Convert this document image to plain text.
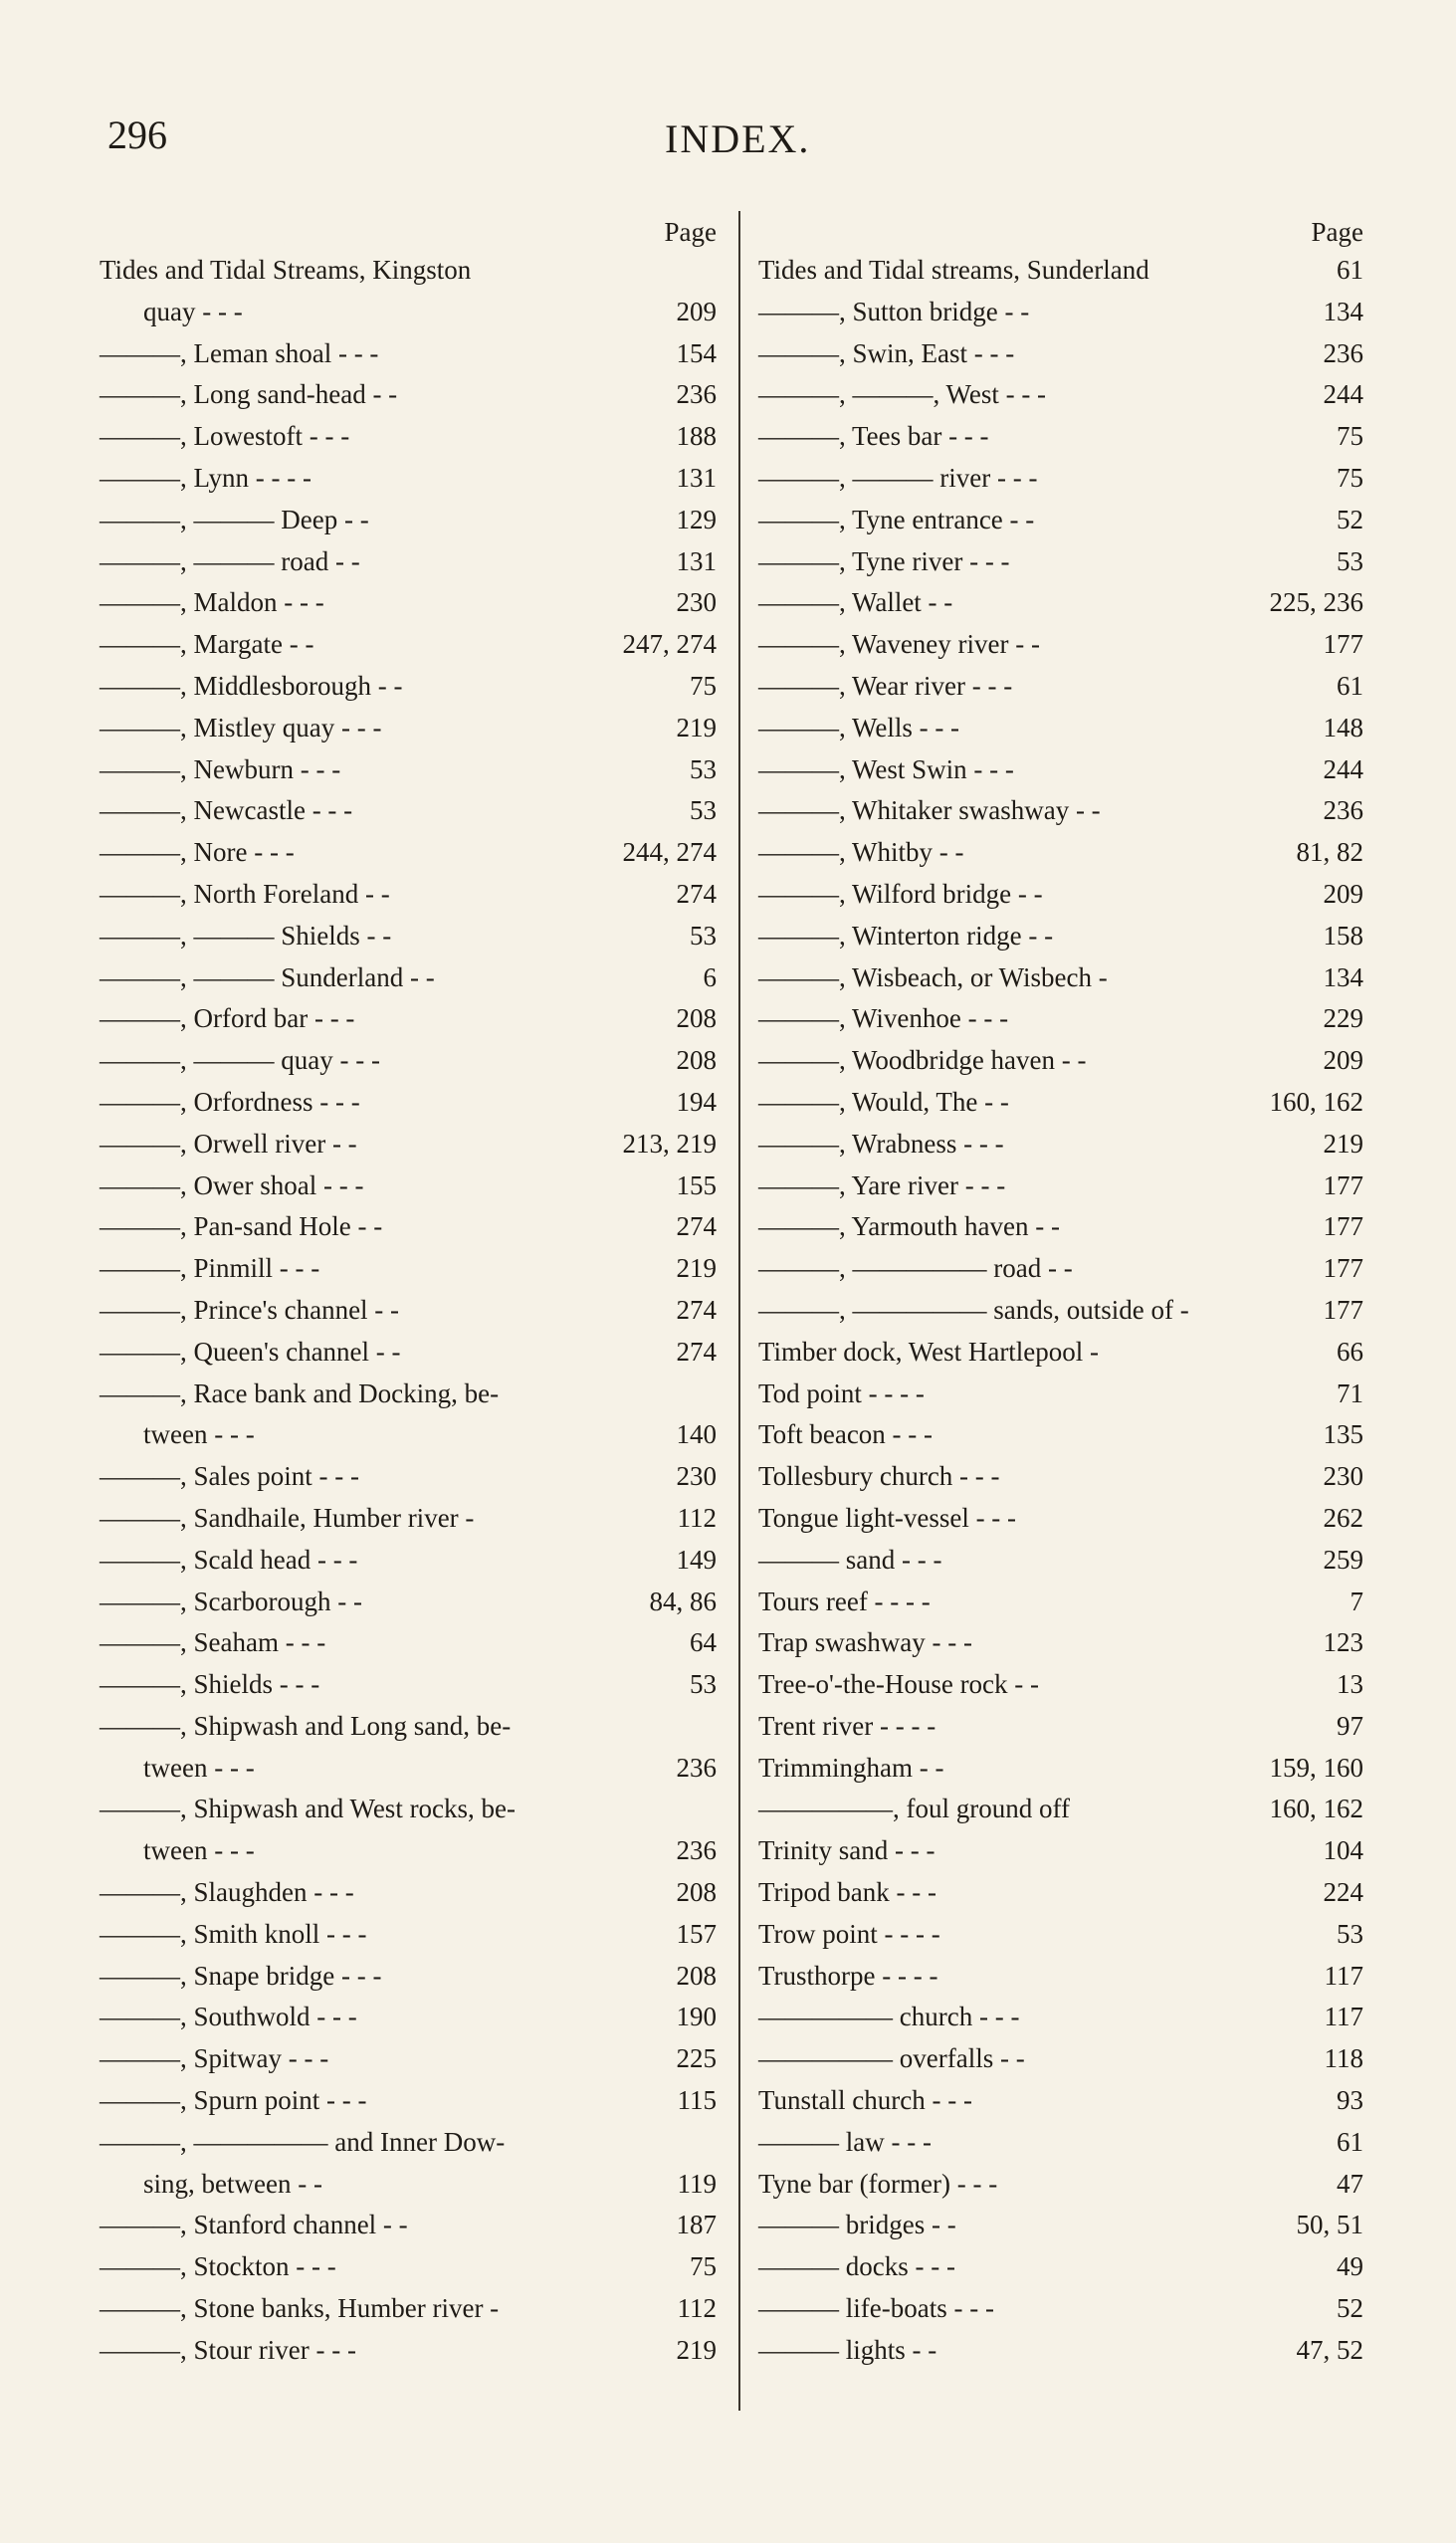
296	INDEX.
Page
Tides and Tidal Streams, Kingston
quay - - -	209
———, Leman shoal - - -	154
———, Long sand-head - -	236
———, Lowestoft - - -	188
———, Lynn - - - -	131
———, ——— Deep - -	129
———, ——— road - -	131
———, Maldon - - -	230
———, Margate - -	247, 274
———, Middlesborough - -	75
———, Mistley quay - - -	219
———, Newburn - - -	53
———, Newcastle - - -	53
———, Nore - - -	244, 274
———, North Foreland - -	274
———, ——— Shields - -	53
———, ——— Sunderland - -	6
———, Orford bar - - -	208
———, ——— quay - - -	208
———, Orfordness - - -	194
———, Orwell river - -	213, 219
———, Ower shoal - - -	155
———, Pan-sand Hole - -	274
———, Pinmill - - -	219
———, Prince's channel - -	274
———, Queen's channel - -	274
———, Race bank and Docking, be-
tween - - -	140
———, Sales point - - -	230
———, Sandhaile, Humber river -	112
———, Scald head - - -	149
———, Scarborough - -	84, 86
———, Seaham - - -	64
———, Shields - - -	53
———, Shipwash and Long sand, be-
tween - - -	236
———, Shipwash and West rocks, be-
tween - - -	236
———, Slaughden - - -	208
———, Smith knoll - - -	157
———, Snape bridge - - -	208
———, Southwold - - -	190
———, Spitway - - -	225
———, Spurn point - - -	115
———, ————— and Inner Dow-
sing, between - -	119
———, Stanford channel - -	187
———, Stockton - - -	75
———, Stone banks, Humber river -	112
———, Stour river - - -	219
Page
Tides and Tidal streams, Sunderland	61
———, Sutton bridge - -	134
———, Swin, East - - -	236
———, ———, West - - -	244
———, Tees bar - - -	75
———, ——— river - - -	75
———, Tyne entrance - -	52
———, Tyne river - - -	53
———, Wallet - -	225, 236
———, Waveney river - -	177
———, Wear river - - -	61
———, Wells - - -	148
———, West Swin - - -	244
———, Whitaker swashway - -	236
———, Whitby - -	81, 82
———, Wilford bridge - -	209
———, Winterton ridge - -	158
———, Wisbeach, or Wisbech -	134
———, Wivenhoe - - -	229
———, Woodbridge haven - -	209
———, Would, The - -	160, 162
———, Wrabness - - -	219
———, Yare river - - -	177
———, Yarmouth haven - -	177
———, ————— road - -	177
———, ————— sands, outside of -	177
Timber dock, West Hartlepool -	66
Tod point - - - -	71
Toft beacon - - -	135
Tollesbury church - - -	230
Tongue light-vessel - - -	262
——— sand - - -	259
Tours reef - - - -	7
Trap swashway - - -	123
Tree-o'-the-House rock - -	13
Trent river - - - -	97
Trimmingham - -	159, 160
—————, foul ground off	160, 162
Trinity sand - - -	104
Tripod bank - - -	224
Trow point - - - -	53
Trusthorpe - - - -	117
————— church - - -	117
————— overfalls - -	118
Tunstall church - - -	93
——— law - - -	61
Tyne bar (former) - - -	47
——— bridges - -	50, 51
——— docks - - -	49
——— life-boats - - -	52
——— lights - -	47, 52
